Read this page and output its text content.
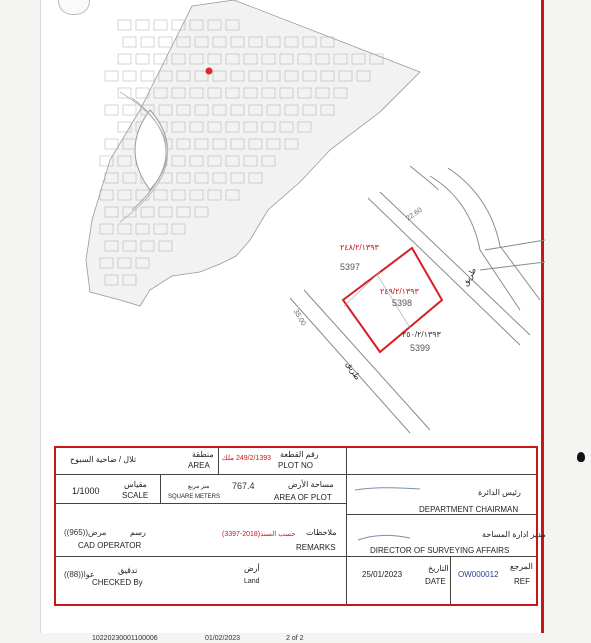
٢٤٨/٢/١٣٩٣
5397
٢٤٩/٢/١٣٩٣
5398
٢٥٠/٢/١٣٩٣
5399
طريق
طريق
22.60
35.00
تلال / ضاحية السبوح
منطقة
AREA
249/2/1393
ملك	رقم القطعة
PLOT NO
1/1000
مقياس
SCALE
767.4
متر مربع
SQUARE METERS
مساحة الأرض
AREA OF PLOT
((965))مرض	رسم
CAD OPERATOR
(3397-2018)حسب السند ملاحظات
REMARKS
((88))عوا	تدقيق
CHECKED By
أرض
Land
رئيس الدائرة
DEPARTMENT CHAIRMAN
مدير ادارة المساحة
DIRECTOR OF SURVEYING AFFAIRS
25/01/2023
التاريخ
DATE
OW000012
المرجع
REF
10220230001100006	01/02/2023	2 of 2
